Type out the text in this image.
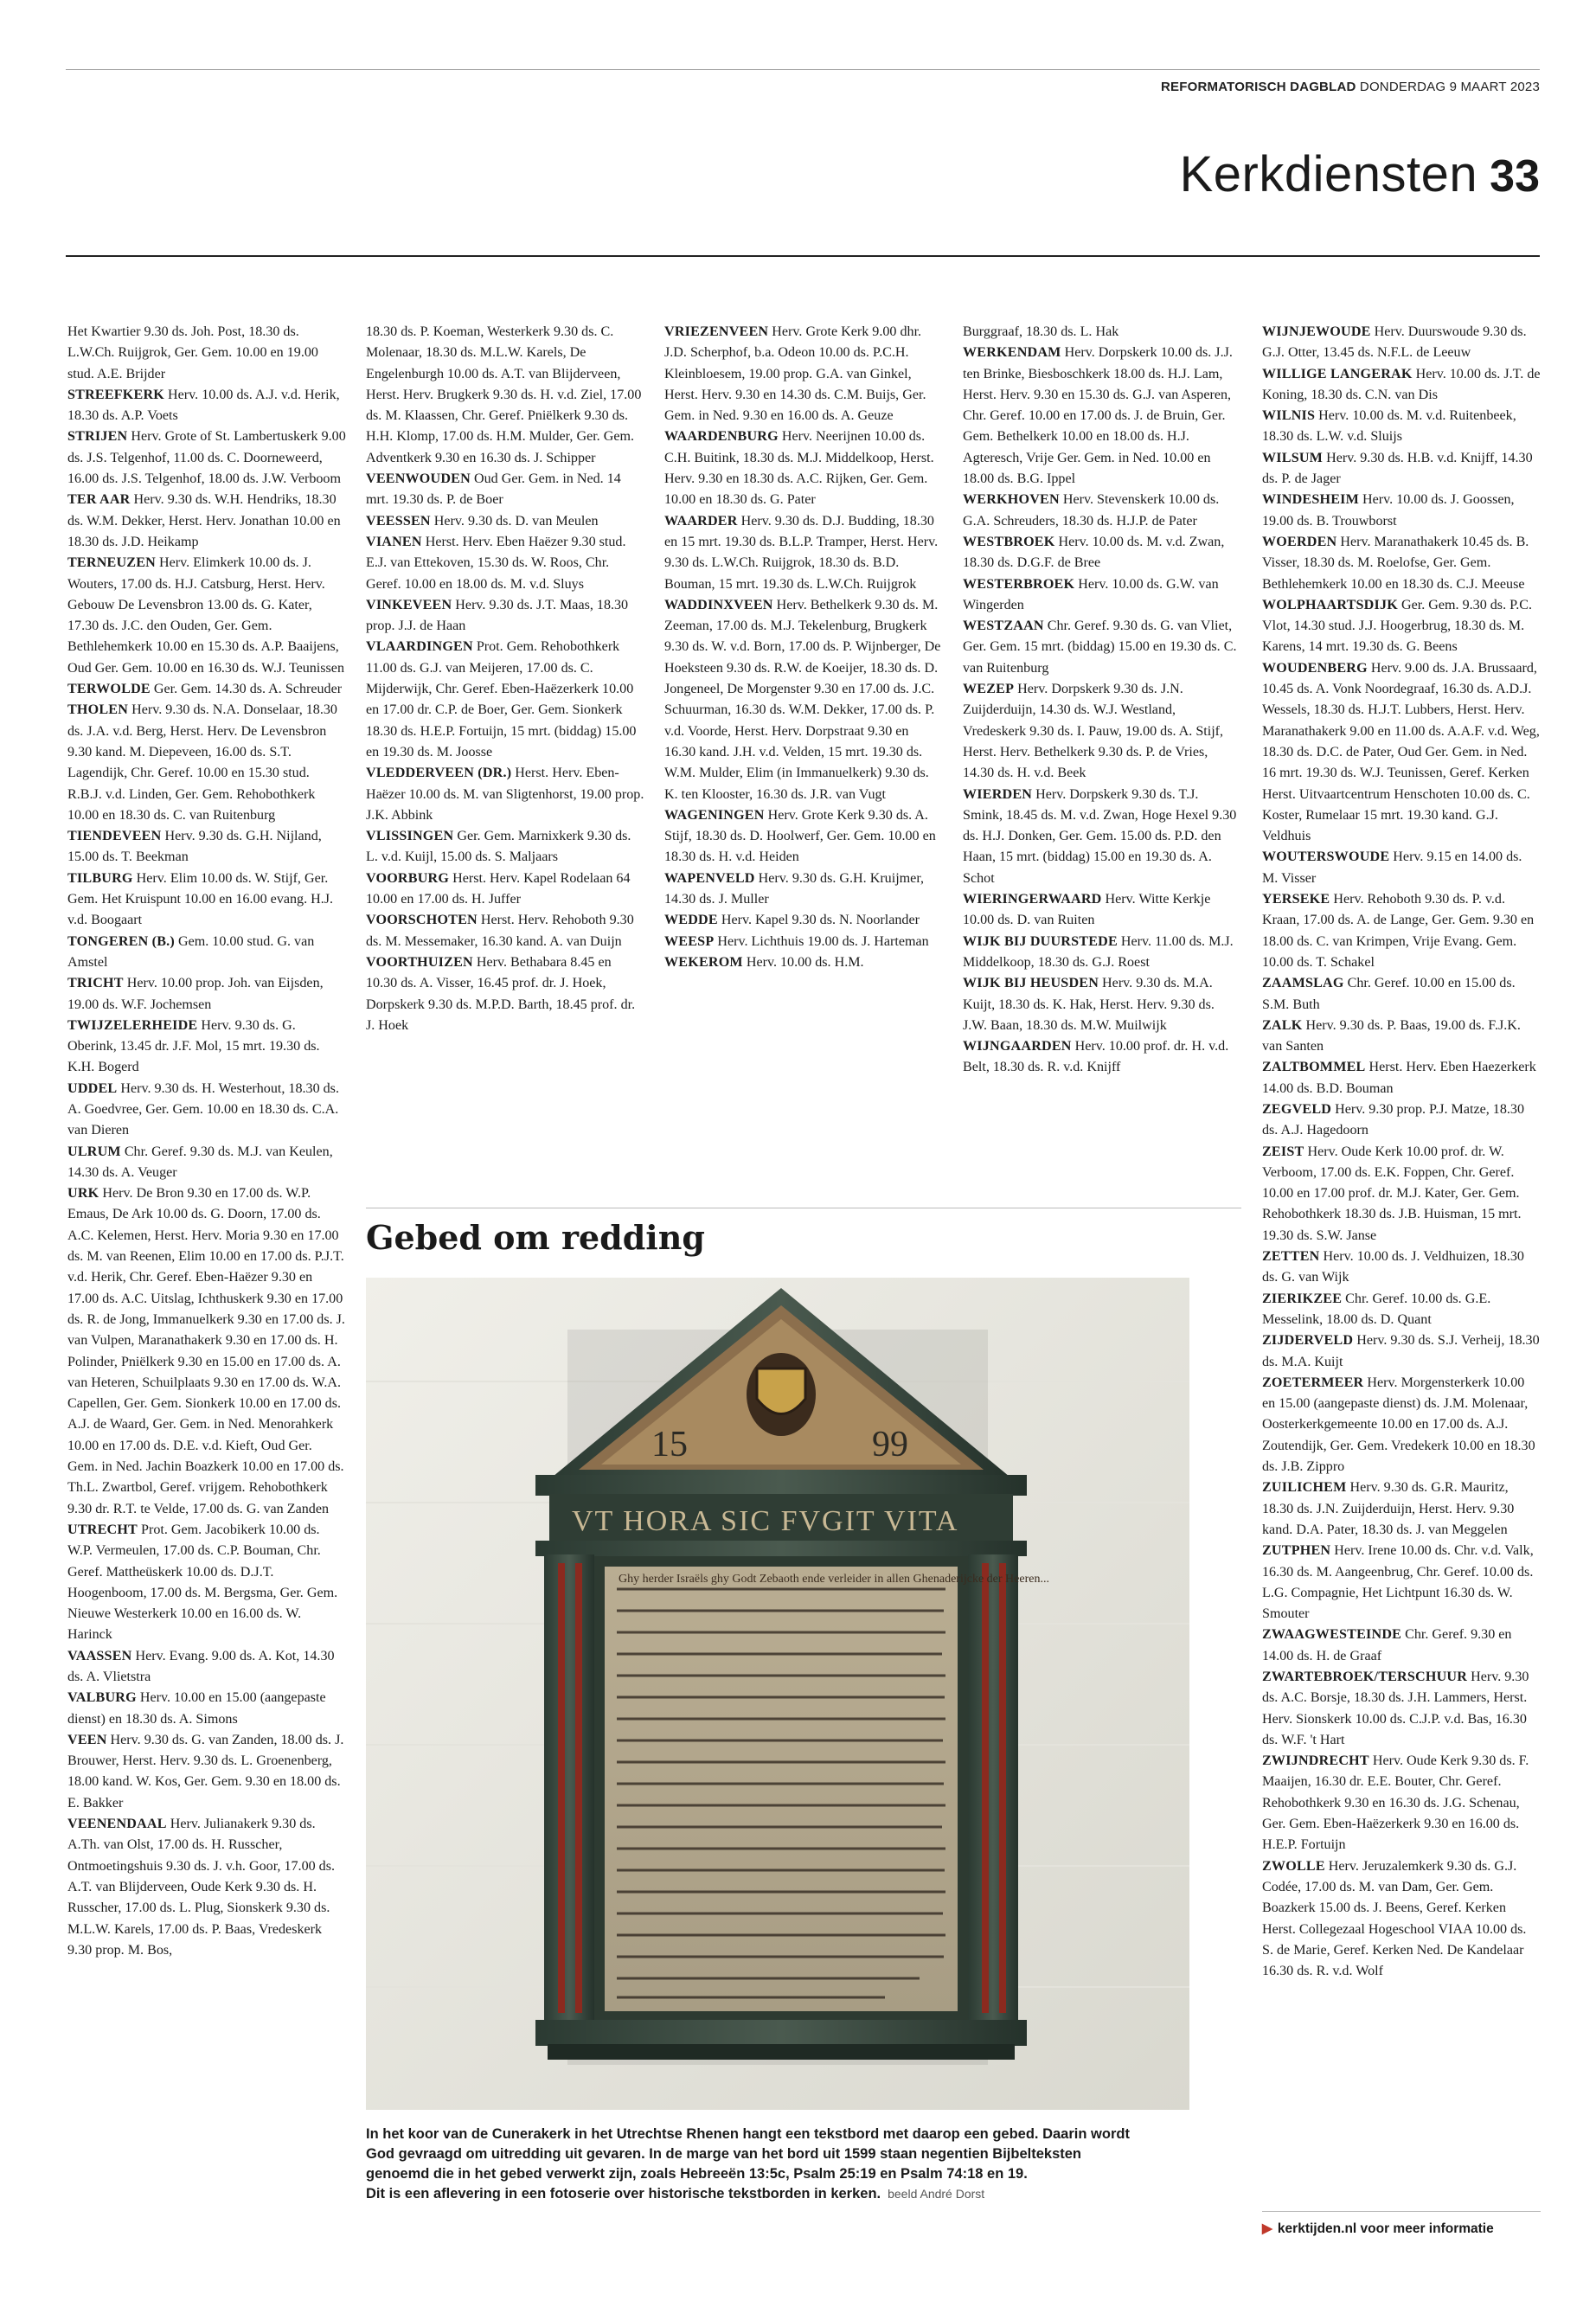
REFORMATORISCH DAGBLAD DONDERDAG 9 MAART 2023
Kerkdiensten 33
Het Kwartier 9.30 ds. Joh. Post, 18.30 ds. L.W.Ch. Ruijgrok, Ger. Gem. 10.00 en 19.00 stud. A.E. Brijder
STREEFKERK Herv. 10.00 ds. A.J. v.d. Herik, 18.30 ds. A.P. Voets
STRIJEN Herv. Grote of St. Lambertuskerk 9.00 ds. J.S. Telgenhof, 11.00 ds. C. Doorneweerd, 16.00 ds. J.S. Telgenhof, 18.00 ds. J.W. Verboom
TER AAR Herv. 9.30 ds. W.H. Hendriks, 18.30 ds. W.M. Dekker, Herst. Herv. Jonathan 10.00 en 18.30 ds. J.D. Heikamp
TERNEUZEN Herv. Elimkerk 10.00 ds. J. Wouters, 17.00 ds. H.J. Catsburg, Herst. Herv. Gebouw De Levensbron 13.00 ds. G. Kater, 17.30 ds. J.C. den Ouden, Ger. Gem. Bethlehemkerk 10.00 en 15.30 ds. A.P. Baaijens, Oud Ger. Gem. 10.00 en 16.30 ds. W.J. Teunissen
TERWOLDE Ger. Gem. 14.30 ds. A. Schreuder
THOLEN Herv. 9.30 ds. N.A. Donselaar, 18.30 ds. J.A. v.d. Berg, Herst. Herv. De Levensbron 9.30 kand. M. Diepeveen, 16.00 ds. S.T. Lagendijk, Chr. Geref. 10.00 en 15.30 stud. R.B.J. v.d. Linden, Ger. Gem. Rehobothkerk 10.00 en 18.30 ds. C. van Ruitenburg
TIENDEVEEN Herv. 9.30 ds. G.H. Nijland, 15.00 ds. T. Beekman
TILBURG Herv. Elim 10.00 ds. W. Stijf, Ger. Gem. Het Kruispunt 10.00 en 16.00 evang. H.J. v.d. Boogaart
TONGEREN (B.) Gem. 10.00 stud. G. van Amstel
TRICHT Herv. 10.00 prop. Joh. van Eijsden, 19.00 ds. W.F. Jochemsen
TWIJZELERHEIDE Herv. 9.30 ds. G. Oberink, 13.45 dr. J.F. Mol, 15 mrt. 19.30 ds. K.H. Bogerd
UDDEL Herv. 9.30 ds. H. Westerhout, 18.30 ds. A. Goedvree, Ger. Gem. 10.00 en 18.30 ds. C.A. van Dieren
ULRUM Chr. Geref. 9.30 ds. M.J. van Keulen, 14.30 ds. A. Veuger
URK Herv. De Bron 9.30 en 17.00 ds. W.P. Emaus, De Ark 10.00 ds. G. Doorn, 17.00 ds. A.C. Kelemen, Herst. Herv. Moria 9.30 en 17.00 ds. M. van Reenen, Elim 10.00 en 17.00 ds. P.J.T. v.d. Herik, Chr. Geref. Eben-Haëzer 9.30 en 17.00 ds. A.C. Uitslag, Ichthuskerk 9.30 en 17.00 ds. R. de Jong, Immanuelkerk 9.30 en 17.00 ds. J. van Vulpen, Maranathakerk 9.30 en 17.00 ds. H. Polinder, Pniëlkerk 9.30 en 15.00 en 17.00 ds. A. van Heteren, Schuilplaats 9.30 en 17.00 ds. W.A. Capellen, Ger. Gem. Sionkerk 10.00 en 17.00 ds. A.J. de Waard, Ger. Gem. in Ned. Menorahkerk 10.00 en 17.00 ds. D.E. v.d. Kieft, Oud Ger. Gem. in Ned. Jachin Boazkerk 10.00 en 17.00 ds. Th.L. Zwartbol, Geref. vrijgem. Rehobothkerk 9.30 dr. R.T. te Velde, 17.00 ds. G. van Zanden
UTRECHT Prot. Gem. Jacobikerk 10.00 ds. W.P. Vermeulen, 17.00 ds. C.P. Bouman, Chr. Geref. Mattheüskerk 10.00 ds. D.J.T. Hoogenboom, 17.00 ds. M. Bergsma, Ger. Gem. Nieuwe Westerkerk 10.00 en 16.00 ds. W. Harinck
VAASSEN Herv. Evang. 9.00 ds. A. Kot, 14.30 ds. A. Vlietstra
VALBURG Herv. 10.00 en 15.00 (aangepaste dienst) en 18.30 ds. A. Simons
VEEN Herv. 9.30 ds. G. van Zanden, 18.00 ds. J. Brouwer, Herst. Herv. 9.30 ds. L. Groenenberg, 18.00 kand. W. Kos, Ger. Gem. 9.30 en 18.00 ds. E. Bakker
VEENENDAAL Herv. Julianakerk 9.30 ds. A.Th. van Olst, 17.00 ds. H. Russcher, Ontmoetingshuis 9.30 ds. J. v.h. Goor, 17.00 ds. A.T. van Blijderveen, Oude Kerk 9.30 ds. H. Russcher, 17.00 ds. L. Plug, Sionskerk 9.30 ds. M.L.W. Karels, 17.00 ds. P. Baas, Vredeskerk 9.30 prop. M. Bos,
18.30 ds. P. Koeman, Westerkerk 9.30 ds. C. Molenaar, 18.30 ds. M.L.W. Karels, De Engelenburgh 10.00 ds. A.T. van Blijderveen, Herst. Herv. Brugkerk 9.30 ds. H. v.d. Ziel, 17.00 ds. M. Klaassen, Chr. Geref. Pniëlkerk 9.30 ds. H.H. Klomp, 17.00 ds. H.M. Mulder, Ger. Gem. Adventkerk 9.30 en 16.30 ds. J. Schipper
VEENWOUDEN Oud Ger. Gem. in Ned. 14 mrt. 19.30 ds. P. de Boer
VEESSEN Herv. 9.30 ds. D. van Meulen
VIANEN Herst. Herv. Eben Haëzer 9.30 stud. E.J. van Ettekoven, 15.30 ds. W. Roos, Chr. Geref. 10.00 en 18.00 ds. M. v.d. Sluys
VINKEVEEN Herv. 9.30 ds. J.T. Maas, 18.30 prop. J.J. de Haan
VLAARDINGEN Prot. Gem. Rehobothkerk 11.00 ds. G.J. van Meijeren, 17.00 ds. C. Mijderwijk, Chr. Geref. Eben-Haëzerkerk 10.00 en 17.00 dr. C.P. de Boer, Ger. Gem. Sionkerk 18.30 ds. H.E.P. Fortuijn, 15 mrt. (biddag) 15.00 en 19.30 ds. M. Joosse
VLEDDERVEEN (DR.) Herst. Herv. Eben-Haëzer 10.00 ds. M. van Sligtenhorst, 19.00 prop. J.K. Abbink
VLISSINGEN Ger. Gem. Marnixkerk 9.30 ds. L. v.d. Kuijl, 15.00 ds. S. Maljaars
VOORBURG Herst. Herv. Kapel Rodelaan 64 10.00 en 17.00 ds. H. Juffer
VOORSCHOTEN Herst. Herv. Rehoboth 9.30 ds. M. Messemaker, 16.30 kand. A. van Duijn
VOORTHUIZEN Herv. Bethabara 8.45 en 10.30 ds. A. Visser, 16.45 prof. dr. J. Hoek, Dorpskerk 9.30 ds. M.P.D. Barth, 18.45 prof. dr. J. Hoek
VRIEZENVEEN Herv. Grote Kerk 9.00 dhr. J.D. Scherphof, b.a. Odeon 10.00 ds. P.C.H. Kleinbloesem, 19.00 prop. G.A. van Ginkel, Herst. Herv. 9.30 en 14.30 ds. C.M. Buijs, Ger. Gem. in Ned. 9.30 en 16.00 ds. A. Geuze
WAARDENBURG Herv. Neerijnen 10.00 ds. C.H. Buitink, 18.30 ds. M.J. Middelkoop, Herst. Herv. 9.30 en 18.30 ds. A.C. Rijken, Ger. Gem. 10.00 en 18.30 ds. G. Pater
WAARDER Herv. 9.30 ds. D.J. Budding, 18.30 en 15 mrt. 19.30 ds. B.L.P. Tramper, Herst. Herv. 9.30 ds. L.W.Ch. Ruijgrok, 18.30 ds. B.D. Bouman, 15 mrt. 19.30 ds. L.W.Ch. Ruijgrok
WADDINXVEEN Herv. Bethelkerk 9.30 ds. M. Zeeman, 17.00 ds. M.J. Tekelenburg, Brugkerk 9.30 ds. W. v.d. Born, 17.00 ds. P. Wijnberger, De Hoeksteen 9.30 ds. R.W. de Koeijer, 18.30 ds. D. Jongeneel, De Morgenster 9.30 en 17.00 ds. J.C. Schuurman, 16.30 ds. W.M. Dekker, 17.00 ds. P. v.d. Voorde, Herst. Herv. Dorpstraat 9.30 en 16.30 kand. J.H. v.d. Velden, 15 mrt. 19.30 ds. W.M. Mulder, Elim (in Immanuelkerk) 9.30 ds. K. ten Klooster, 16.30 ds. J.R. van Vugt
WAGENINGEN Herv. Grote Kerk 9.30 ds. A. Stijf, 18.30 ds. D. Hoolwerf, Ger. Gem. 10.00 en 18.30 ds. H. v.d. Heiden
WAPENVELD Herv. 9.30 ds. G.H. Kruijmer, 14.30 ds. J. Muller
WEDDE Herv. Kapel 9.30 ds. N. Noorlander
WEESP Herv. Lichthuis 19.00 ds. J. Harteman
WEKEROM Herv. 10.00 ds. H.M.
Burggraaf, 18.30 ds. L. Hak
WERKENDAM Herv. Dorpskerk 10.00 ds. J.J. ten Brinke, Biesboschkerk 18.00 ds. H.J. Lam, Herst. Herv. 9.30 en 15.30 ds. G.J. van Asperen, Chr. Geref. 10.00 en 17.00 ds. J. de Bruin, Ger. Gem. Bethelkerk 10.00 en 18.00 ds. H.J. Agteresch, Vrije Ger. Gem. in Ned. 10.00 en 18.00 ds. B.G. Ippel
WERKHOVEN Herv. Stevenskerk 10.00 ds. G.A. Schreuders, 18.30 ds. H.J.P. de Pater
WESTBROEK Herv. 10.00 ds. M. v.d. Zwan, 18.30 ds. D.G.F. de Bree
WESTERBROEK Herv. 10.00 ds. G.W. van Wingerden
WESTZAAN Chr. Geref. 9.30 ds. G. van Vliet, Ger. Gem. 15 mrt. (biddag) 15.00 en 19.30 ds. C. van Ruitenburg
WEZEP Herv. Dorpskerk 9.30 ds. J.N. Zuijderduijn, 14.30 ds. W.J. Westland, Vredeskerk 9.30 ds. I. Pauw, 19.00 ds. A. Stijf, Herst. Herv. Bethelkerk 9.30 ds. P. de Vries, 14.30 ds. H. v.d. Beek
WIERDEN Herv. Dorpskerk 9.30 ds. T.J. Smink, 18.45 ds. M. v.d. Zwan, Hoge Hexel 9.30 ds. H.J. Donken, Ger. Gem. 15.00 ds. P.D. den Haan, 15 mrt. (biddag) 15.00 en 19.30 ds. A. Schot
WIERINGERWAARD Herv. Witte Kerkje 10.00 ds. D. van Ruiten
WIJK BIJ DUURSTEDE Herv. 11.00 ds. M.J. Middelkoop, 18.30 ds. G.J. Roest
WIJK BIJ HEUSDEN Herv. 9.30 ds. M.A. Kuijt, 18.30 ds. K. Hak, Herst. Herv. 9.30 ds. J.W. Baan, 18.30 ds. M.W. Muilwijk
WIJNGAARDEN Herv. 10.00 prof. dr. H. v.d. Belt, 18.30 ds. R. v.d. Knijff
WIJNJEWOUDE Herv. Duurswoude 9.30 ds. G.J. Otter, 13.45 ds. N.F.L. de Leeuw
WILLIGE LANGERAK Herv. 10.00 ds. J.T. de Koning, 18.30 ds. C.N. van Dis
WILNIS Herv. 10.00 ds. M. v.d. Ruitenbeek, 18.30 ds. L.W. v.d. Sluijs
WILSUM Herv. 9.30 ds. H.B. v.d. Knijff, 14.30 ds. P. de Jager
WINDESHEIM Herv. 10.00 ds. J. Goossen, 19.00 ds. B. Trouwborst
WOERDEN Herv. Maranathakerk 10.45 ds. B. Visser, 18.30 ds. M. Roelofse, Ger. Gem. Bethlehemkerk 10.00 en 18.30 ds. C.J. Meeuse
WOLPHAARTSDIJK Ger. Gem. 9.30 ds. P.C. Vlot, 14.30 stud. J.J. Hoogerbrug, 18.30 ds. M. Karens, 14 mrt. 19.30 ds. G. Beens
WOUDENBERG Herv. 9.00 ds. J.A. Brussaard, 10.45 ds. A. Vonk Noordegraaf, 16.30 ds. A.D.J. Wessels, 18.30 ds. H.J.T. Lubbers, Herst. Herv. Maranathakerk 9.00 en 11.00 ds. A.A.F. v.d. Weg, 18.30 ds. D.C. de Pater, Oud Ger. Gem. in Ned. 16 mrt. 19.30 ds. W.J. Teunissen, Geref. Kerken Herst. Uitvaartcentrum Henschoten 10.00 ds. C. Koster, Rumelaar 15 mrt. 19.30 kand. G.J. Veldhuis
WOUTERSWOUDE Herv. 9.15 en 14.00 ds. M. Visser
YERSEKE Herv. Rehoboth 9.30 ds. P. v.d. Kraan, 17.00 ds. A. de Lange, Ger. Gem. 9.30 en 18.00 ds. C. van Krimpen, Vrije Evang. Gem. 10.00 ds. T. Schakel
ZAAMSLAG Chr. Geref. 10.00 en 15.00 ds. S.M. Buth
ZALK Herv. 9.30 ds. P. Baas, 19.00 ds. F.J.K. van Santen
ZALTBOMMEL Herst. Herv. Eben Haezerkerk 14.00 ds. B.D. Bouman
ZEGVELD Herv. 9.30 prop. P.J. Matze, 18.30 ds. A.J. Hagedoorn
ZEIST Herv. Oude Kerk 10.00 prof. dr. W. Verboom, 17.00 ds. E.K. Foppen, Chr. Geref. 10.00 en 17.00 prof. dr. M.J. Kater, Ger. Gem. Rehobothkerk 18.30 ds. J.B. Huisman, 15 mrt. 19.30 ds. S.W. Janse
ZETTEN Herv. 10.00 ds. J. Veldhuizen, 18.30 ds. G. van Wijk
ZIERIKZEE Chr. Geref. 10.00 ds. G.E. Messelink, 18.00 ds. D. Quant
ZIJDERVELD Herv. 9.30 ds. S.J. Verheij, 18.30 ds. M.A. Kuijt
ZOETERMEER Herv. Morgensterkerk 10.00 en 15.00 (aangepaste dienst) ds. J.M. Molenaar, Oosterkerkgemeente 10.00 en 17.00 ds. A.J. Zoutendijk, Ger. Gem. Vredekerk 10.00 en 18.30 ds. J.B. Zippro
ZUILICHEM Herv. 9.30 ds. G.R. Mauritz, 18.30 ds. J.N. Zuijderduijn, Herst. Herv. 9.30 kand. D.A. Pater, 18.30 ds. J. van Meggelen
ZUTPHEN Herv. Irene 10.00 ds. Chr. v.d. Valk, 16.30 ds. M. Aangeenbrug, Chr. Geref. 10.00 ds. L.G. Compagnie, Het Lichtpunt 16.30 ds. W. Smouter
ZWAAGWESTEINDE Chr. Geref. 9.30 en 14.00 ds. H. de Graaf
ZWARTEBROEK/TERSCHUUR Herv. 9.30 ds. A.C. Borsje, 18.30 ds. J.H. Lammers, Herst. Herv. Sionskerk 10.00 ds. C.J.P. v.d. Bas, 16.30 ds. W.F. 't Hart
ZWIJNDRECHT Herv. Oude Kerk 9.30 ds. F. Maaijen, 16.30 dr. E.E. Bouter, Chr. Geref. Rehobothkerk 9.30 en 16.30 ds. J.G. Schenau, Ger. Gem. Eben-Haëzerkerk 9.30 en 16.00 ds. H.E.P. Fortuijn
ZWOLLE Herv. Jeruzalemkerk 9.30 ds. G.J. Codée, 17.00 ds. M. van Dam, Ger. Gem. Boazkerk 15.00 ds. J. Beens, Geref. Kerken Herst. Collegezaal Hogeschool VIAA 10.00 ds. S. de Marie, Geref. Kerken Ned. De Kandelaar 16.30 ds. R. v.d. Wolf
Gebed om redding
15	99
VT HORA SIC FVGIT VITA
Ghy herder Israëls ghy Godt Zebaoth ende verleider in allen Ghenaderijcke der Heeren...
In het koor van de Cunerakerk in het Utrechtse Rhenen hangt een tekstbord met daarop een gebed. Daarin wordt God gevraagd om uitredding uit gevaren. In de marge van het bord uit 1599 staan negentien Bijbelteksten genoemd die in het gebed verwerkt zijn, zoals Hebreeën 13:5c, Psalm 25:19 en Psalm 74:18 en 19.
Dit is een aflevering in een fotoserie over historische tekstborden in kerken. beeld André Dorst
▶ kerktijden.nl voor meer informatie
